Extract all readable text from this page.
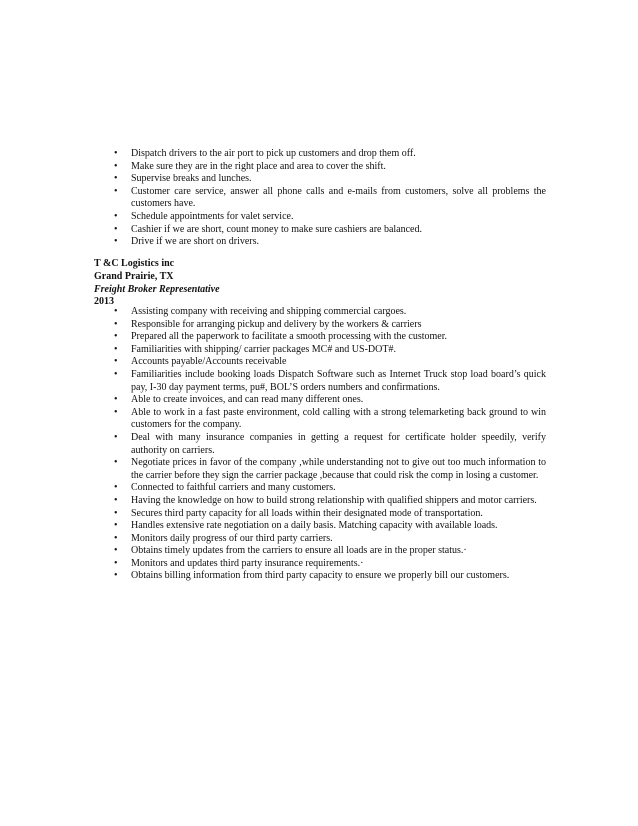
• Dispatch drivers to the air port to pick up customers and drop them off.
• Make sure they are in the right place and area to cover the shift.
• Supervise breaks and lunches.
• Customer care service, answer all phone calls and e-mails from customers, solve all problems the customers have.
• Schedule appointments for valet service.
• Cashier if we are short, count money to make sure cashiers are balanced.
• Drive if we are short on drivers.
T &C Logistics inc
Grand Prairie, TX
Freight Broker Representative
2013
• Assisting company with receiving and shipping commercial cargoes.
• Responsible for arranging pickup and delivery by the workers & carriers
• Prepared all the paperwork to facilitate a smooth processing with the customer.
• Familiarities with shipping/ carrier packages MC# and US-DOT#.
• Accounts payable/Accounts receivable
• Familiarities include booking loads Dispatch Software such as Internet Truck stop load board’s quick pay, I-30 day payment terms, pu#, BOL’S orders numbers and confirmations.
• Able to create invoices, and can read many different ones.
• Able to work in a fast paste environment, cold calling with a strong telemarketing back ground to win customers for the company.
• Deal with many insurance companies in getting a request for certificate holder speedily, verify authority on carriers.
• Negotiate prices in favor of the company ,while understanding not to give out too much information to the carrier before they sign the carrier package ,because that could risk the comp in losing a customer.
• Connected to faithful carriers and many customers.
• Having the knowledge on how to build strong relationship with qualified shippers and motor carriers.
• Secures third party capacity for all loads within their designated mode of transportation.
• Handles extensive rate negotiation on a daily basis. Matching capacity with available loads.
• Monitors daily progress of our third party carriers.
• Obtains timely updates from the carriers to ensure all loads are in the proper status.·
• Monitors and updates third party insurance requirements.·
• Obtains billing information from third party capacity to ensure we properly bill our customers.
